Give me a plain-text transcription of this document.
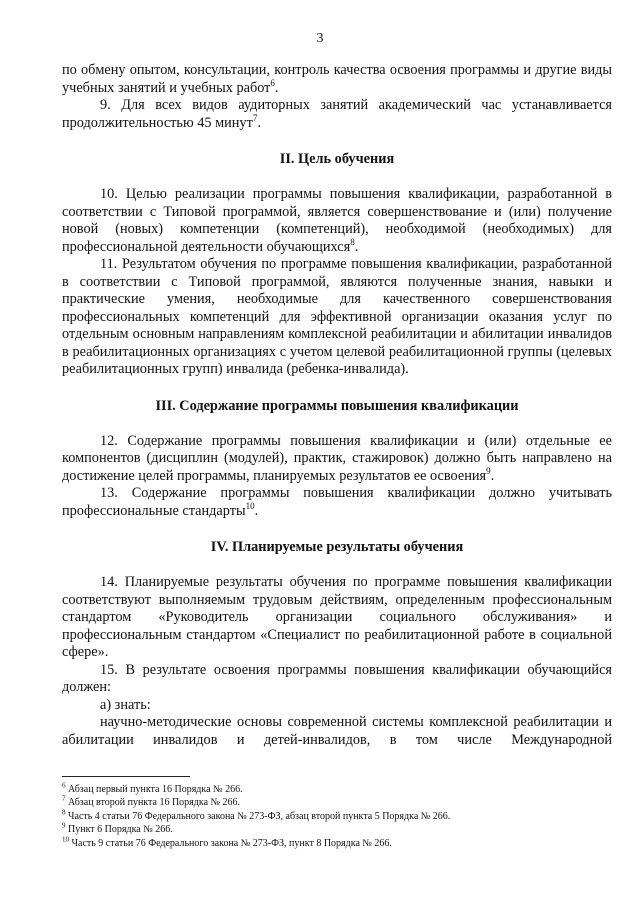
3

по обмену опытом, консультации, контроль качества освоения программы и другие виды учебных занятий и учебных работ$^6$.

9. Для всех видов аудиторных занятий академический час устанавливается продолжительностью 45 минут$^7$.

II. Цель обучения

10. Целью реализации программы повышения квалификации, разработанной в соответствии с Типовой программой, является совершенствование и (или) получение новой (новых) компетенции (компетенций), необходимой (необходимых) для профессиональной деятельности обучающихся$^8$.

11. Результатом обучения по программе повышения квалификации, разработанной в соответствии с Типовой программой, являются полученные знания, навыки и практические умения, необходимые для качественного совершенствования профессиональных компетенций для эффективной организации оказания услуг по отдельным основным направлениям комплексной реабилитации и абилитации инвалидов в реабилитационных организациях с учетом целевой реабилитационной группы (целевых реабилитационных групп) инвалида (ребенка-инвалида).

III. Содержание программы повышения квалификации

12. Содержание программы повышения квалификации и (или) отдельные ее компонентов (дисциплин (модулей), практик, стажировок) должно быть направлено на достижение целей программы, планируемых результатов ее освоения$^9$.

13. Содержание программы повышения квалификации должно учитывать профессиональные стандарты$^{10}$.

IV. Планируемые результаты обучения

14. Планируемые результаты обучения по программе повышения квалификации соответствуют выполняемым трудовым действиям, определенным профессиональным стандартом «Руководитель организации социального обслуживания» и профессиональным стандартом «Специалист по реабилитационной работе в социальной сфере».

15. В результате освоения программы повышения квалификации обучающийся должен:

а) знать:

научно-методические основы современной системы комплексной реабилитации и абилитации инвалидов и детей-инвалидов, в том числе Международной

$^6$ Абзац первый пункта 16 Порядка № 266.

$^7$ Абзац второй пункта 16 Порядка № 266.

$^8$ Часть 4 статьи 76 Федерального закона № 273-ФЗ, абзац второй пункта 5 Порядка № 266.

$^9$ Пункт 6 Порядка № 266.

$^{10}$ Часть 9 статьи 76 Федерального закона № 273-ФЗ, пункт 8 Порядка № 266.
